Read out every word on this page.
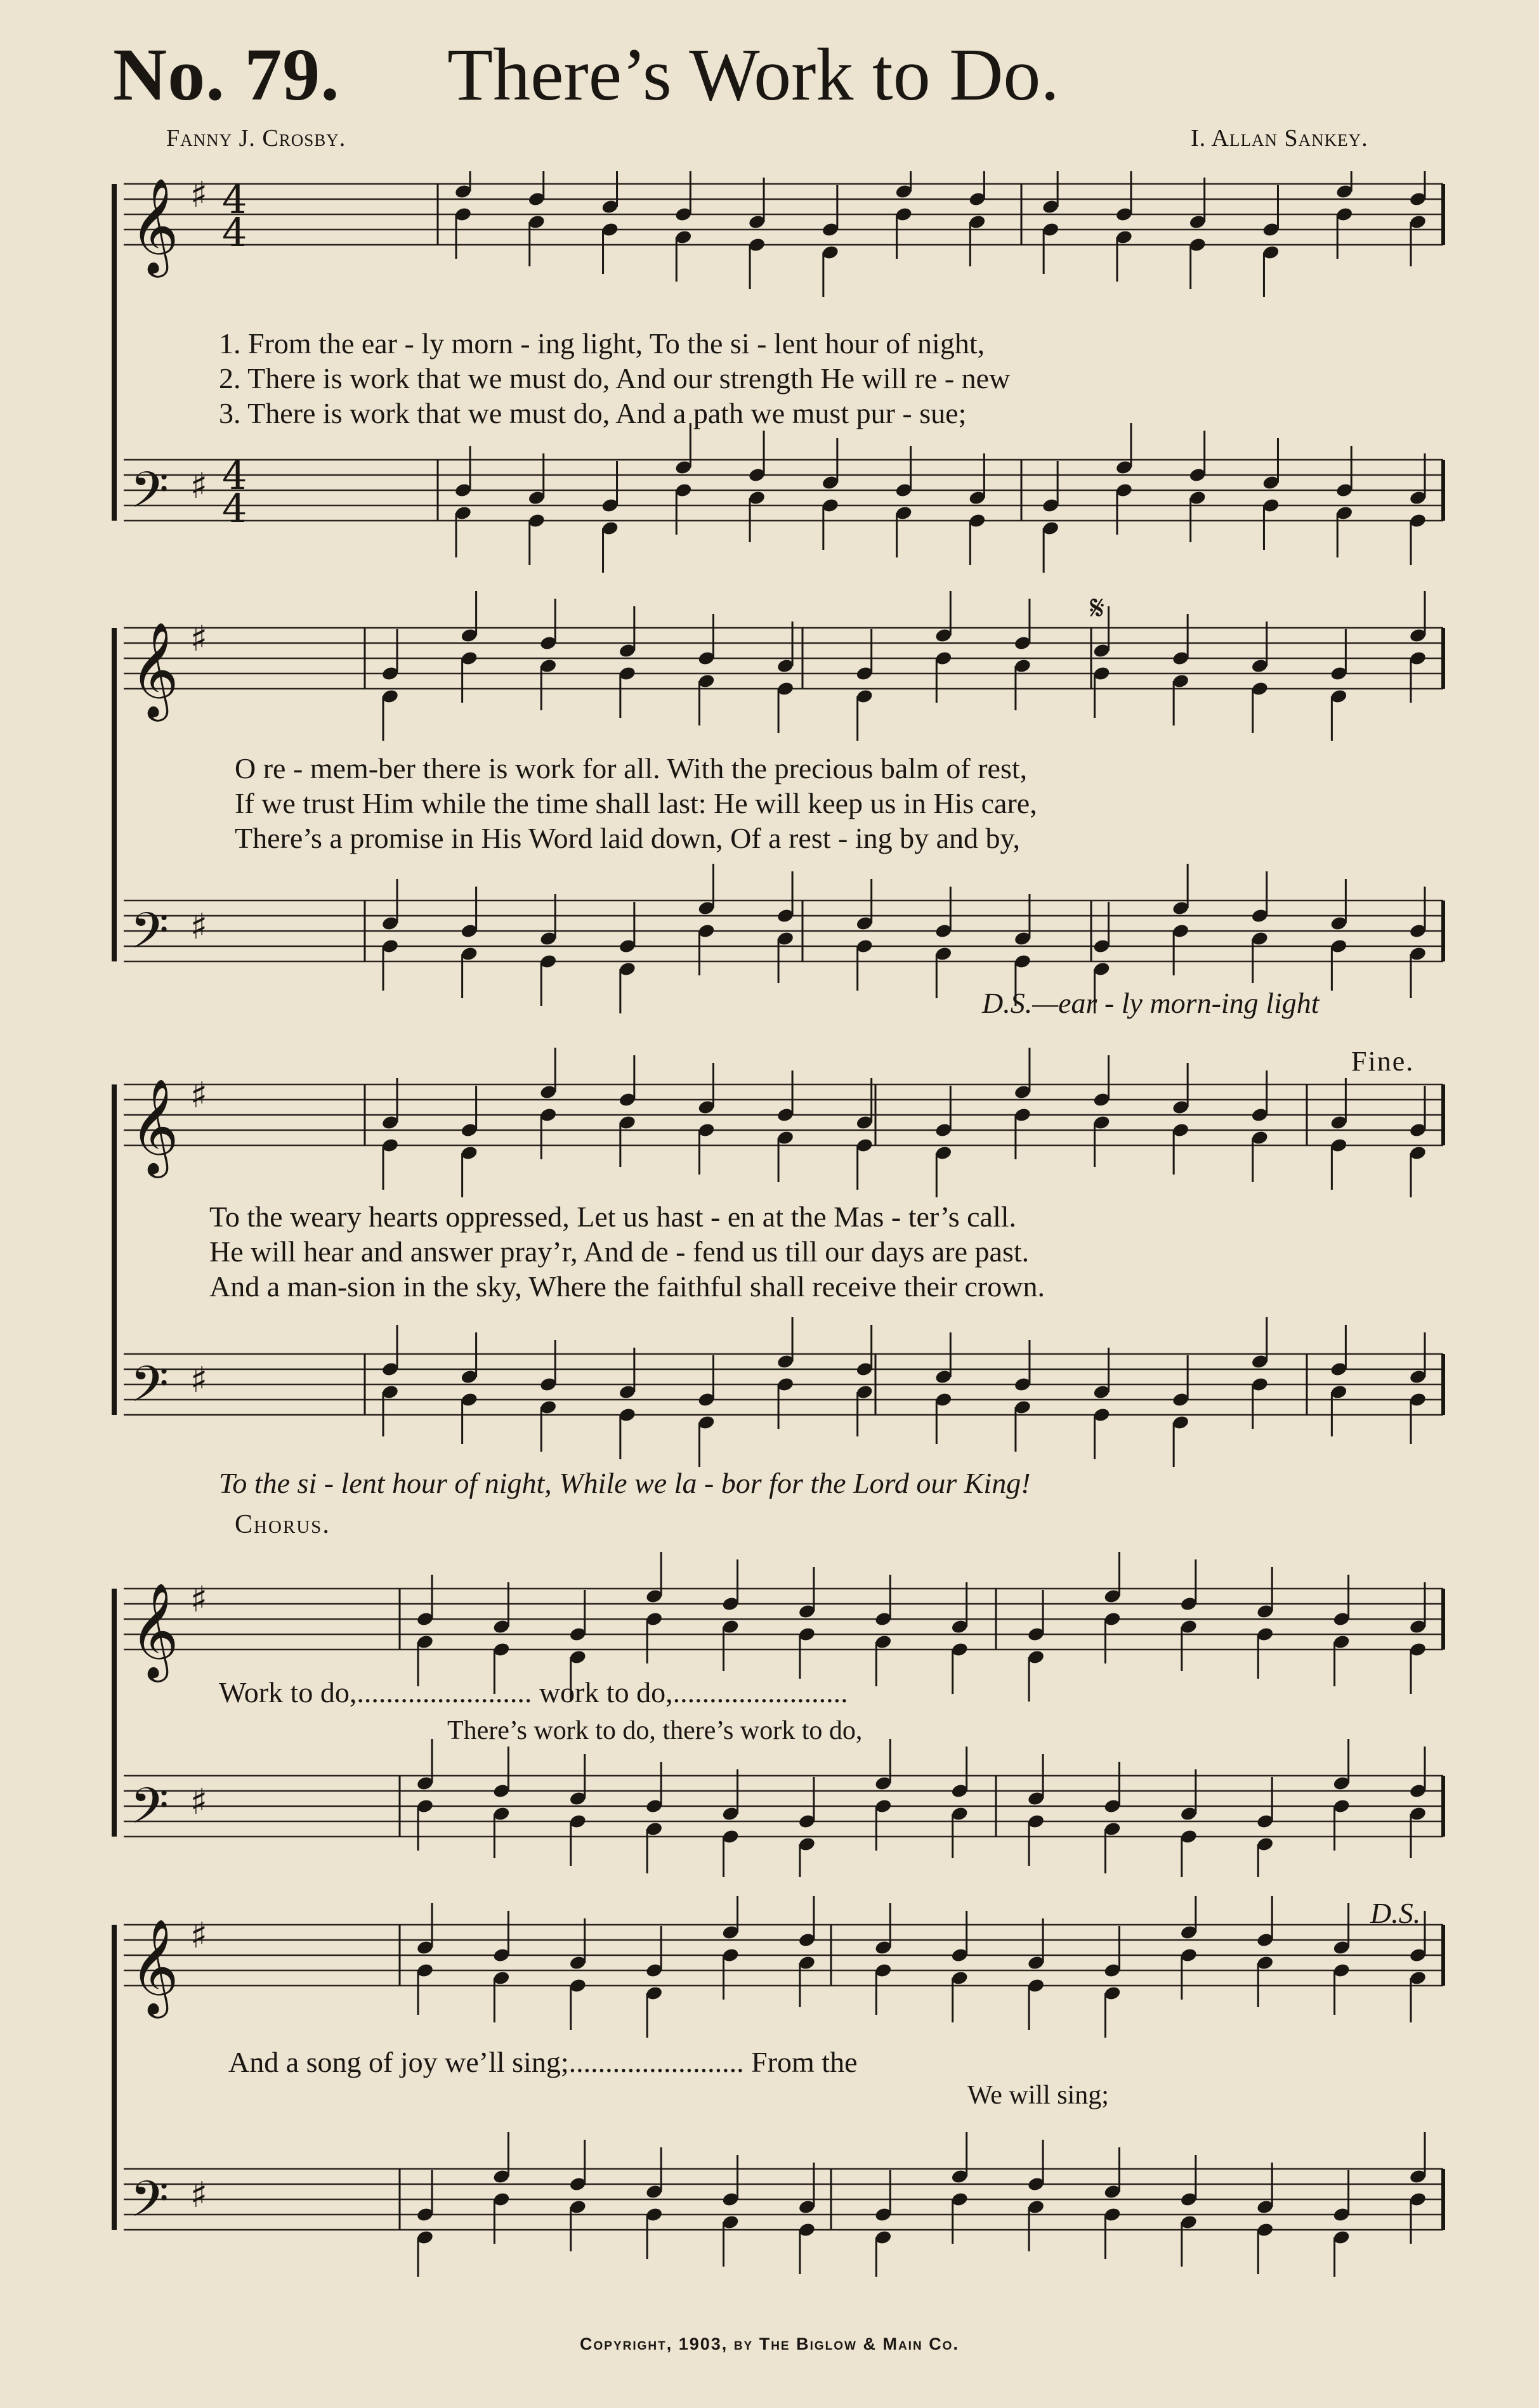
No. 79. There’s Work to Do.
Fanny J. Crosby.	I. Allan Sankey.
𝄞 ♯ 4
4
𝄢 ♯ 4
4
1. From the ear - ly morn - ing light, To the si - lent hour of night,
2. There is work that we must do, And our strength He will re - new
3. There is work that we must do, And a path we must pur - sue;
𝄞 ♯
𝄢 ♯
𝄋
O re - mem-ber there is work for all. With the precious balm of rest,
If we trust Him while the time shall last: He will keep us in His care,
There’s a promise in His Word laid down, Of a rest - ing by and by,
D.S.—ear - ly morn-ing light
𝄞 ♯
𝄢 ♯
Fine.
To the weary hearts oppressed, Let us hast - en at the Mas - ter’s call.
He will hear and answer pray’r, And de - fend us till our days are past.
And a man-sion in the sky, Where the faithful shall receive their crown.
To the si - lent hour of night, While we la - bor for the Lord our King!
Chorus.
𝄞 ♯
𝄢 ♯
Work to do,........................ work to do,........................
There’s work to do, there’s work to do,
𝄞 ♯
𝄢 ♯
D.S.
And a song of joy we’ll sing;........................ From the
We will sing;
Copyright, 1903, by The Biglow & Main Co.
